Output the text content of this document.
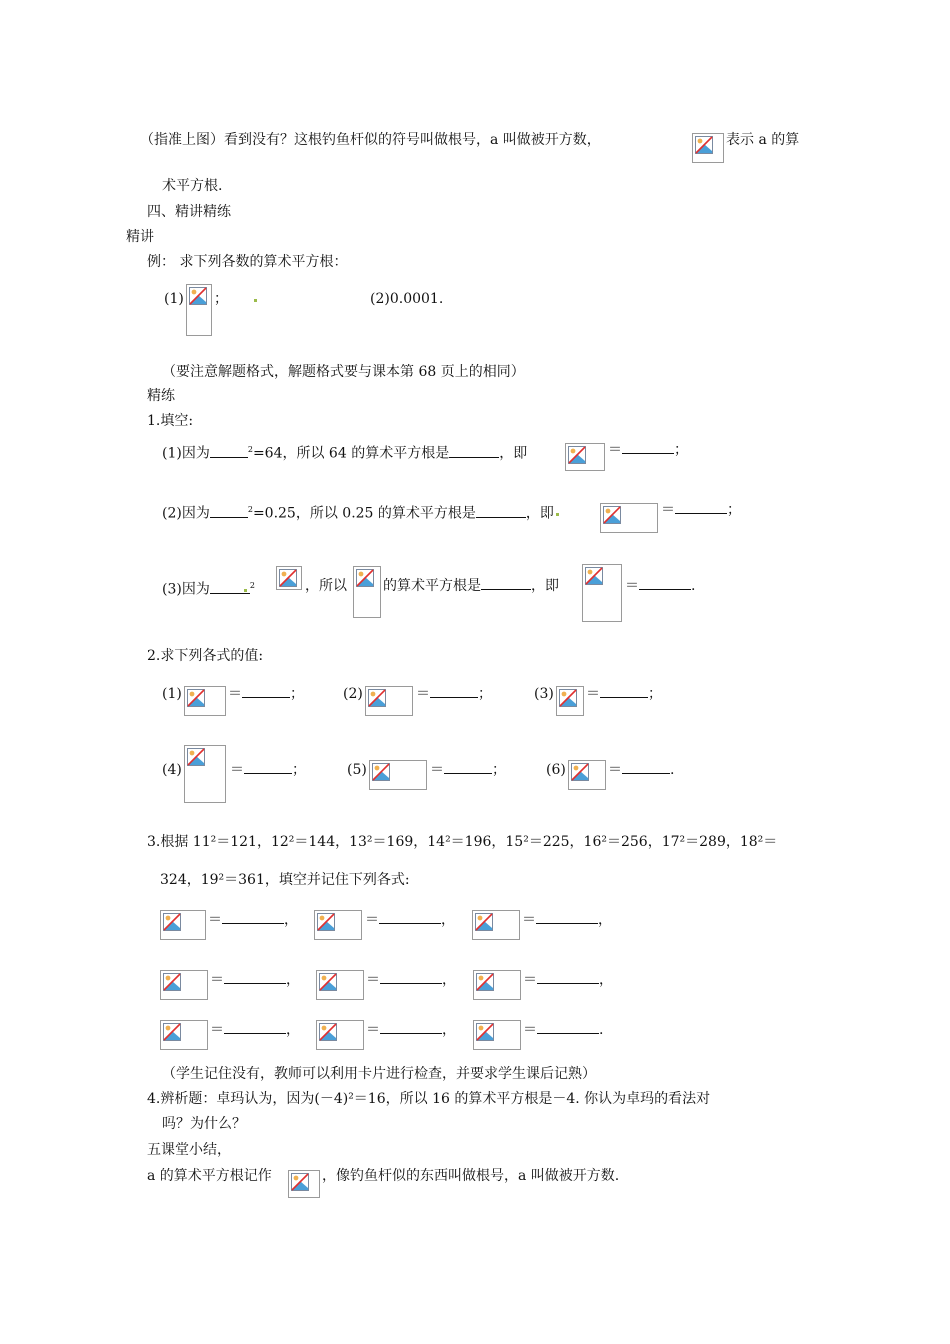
（指准上图）看到没有？这根钓鱼杆似的符号叫做根号，a 叫做被开方数，	表示 a 的算
术平方根.
四、精讲精练
精讲
例： 求下列各数的算术平方根：
(1) ；	(2)0.0001.
（要注意解题格式，解题格式要与课本第 68 页上的相同）
精练
1.填空:
(1)因为	$^2$=64，所以 64 的算术平方根是	，即	＝	；
(2)因为	$^2$=0.25，所以 0.25 的算术平方根是	，即	＝	；
(3)因为	$^2$	，所以	的算术平方根是	，即	＝	.
2.求下列各式的值:
(1)	＝	；	(2)	＝	；	(3) ＝	；
(4)	＝	；	(5)	＝	；	(6)	＝	.
3.根据 11²＝121，12²＝144，13²＝169，14²＝196，15²＝225，16²＝256，17²＝289，18²＝
324，19²＝361，填空并记住下列各式:
＝	，	＝	，	＝	，
＝	，	＝	，	＝	，
＝	，	＝	，	＝	.
（学生记住没有，教师可以利用卡片进行检查，并要求学生课后记熟）
4.辨析题：卓玛认为，因为(－4)²＝16，所以 16 的算术平方根是－4. 你认为卓玛的看法对
吗？为什么？
五课堂小结，
a 的算术平方根记作	，像钓鱼杆似的东西叫做根号，a 叫做被开方数.
